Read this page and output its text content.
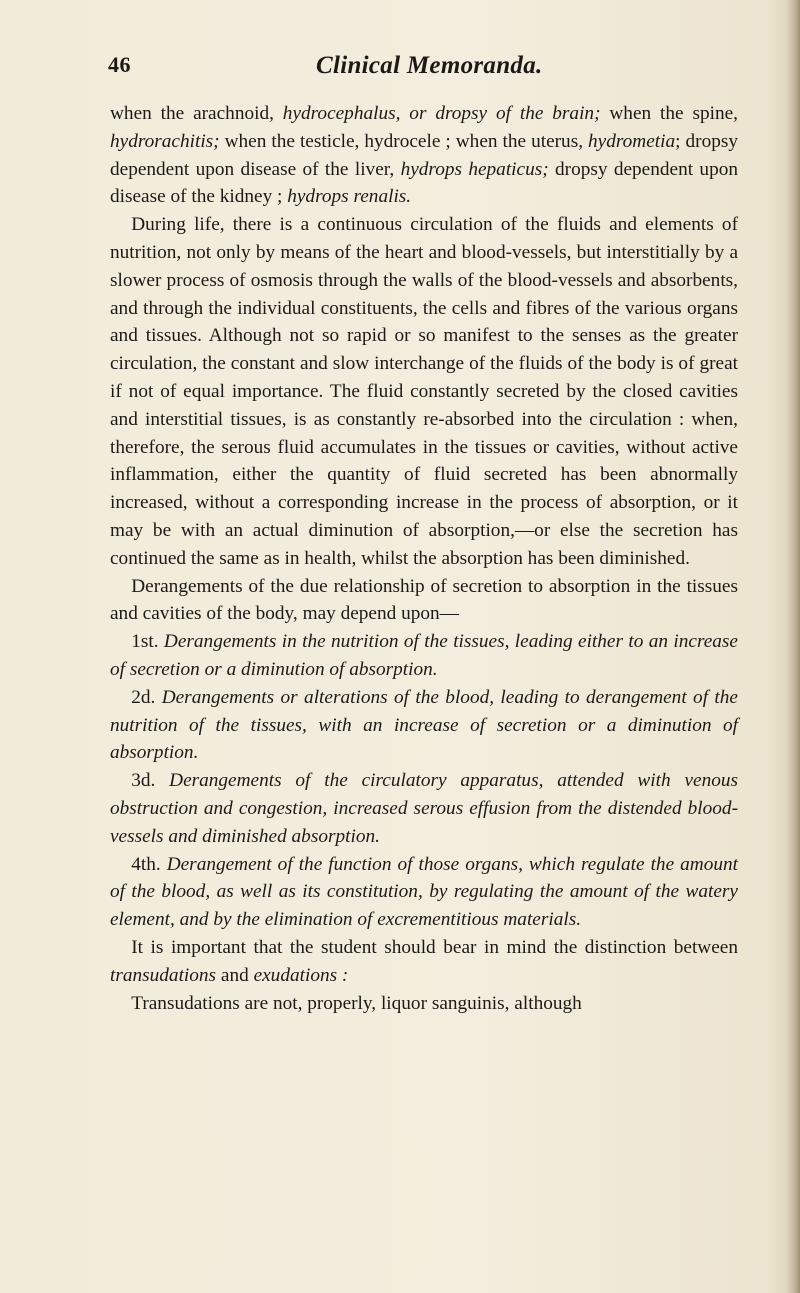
46	Clinical Memoranda.

when the arachnoid, hydrocephalus, or dropsy of the brain; when the spine, hydrorachitis; when the testicle, hydrocele ; when the uterus, hydrometia; dropsy dependent upon disease of the liver, hydrops hepaticus; dropsy dependent upon disease of the kidney ; hydrops renalis.

During life, there is a continuous circulation of the fluids and elements of nutrition, not only by means of the heart and blood-vessels, but interstitially by a slower process of osmosis through the walls of the blood-vessels and absorbents, and through the individual constituents, the cells and fibres of the various organs and tissues. Although not so rapid or so manifest to the senses as the greater circulation, the constant and slow interchange of the fluids of the body is of great if not of equal importance. The fluid constantly secreted by the closed cavities and interstitial tissues, is as constantly re-absorbed into the circulation : when, therefore, the serous fluid accumulates in the tissues or cavities, without active inflammation, either the quantity of fluid secreted has been abnormally increased, without a corresponding increase in the process of absorption, or it may be with an actual diminution of absorption,—or else the secretion has continued the same as in health, whilst the absorption has been diminished.

Derangements of the due relationship of secretion to absorption in the tissues and cavities of the body, may depend upon—

1st. Derangements in the nutrition of the tissues, leading either to an increase of secretion or a diminution of absorption.

2d. Derangements or alterations of the blood, leading to derangement of the nutrition of the tissues, with an increase of secretion or a diminution of absorption.

3d. Derangements of the circulatory apparatus, attended with venous obstruction and congestion, increased serous effusion from the distended blood-vessels and diminished absorption.

4th. Derangement of the function of those organs, which regulate the amount of the blood, as well as its constitution, by regulating the amount of the watery element, and by the elimination of excrementitious materials.

It is important that the student should bear in mind the distinction between transudations and exudations :

Transudations are not, properly, liquor sanguinis, although
